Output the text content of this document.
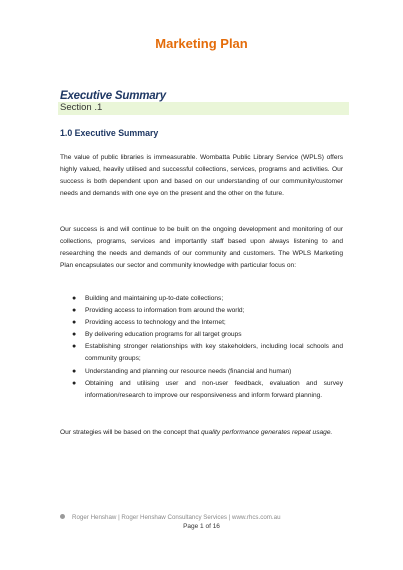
Marketing Plan
Executive Summary
Section .1
1.0 Executive Summary
The value of public libraries is immeasurable. Wombatta Public Library Service (WPLS) offers highly valued, heavily utilised and successful collections, services, programs and activities. Our success is both dependent upon and based on our understanding of our community/customer needs and demands with one eye on the present and the other on the future.
Our success is and will continue to be built on the ongoing development and monitoring of our collections, programs, services and importantly staff based upon always listening to and researching the needs and demands of our community and customers. The WPLS Marketing Plan encapsulates our sector and community knowledge with particular focus on:
● Building and maintaining up-to-date collections;
● Providing access to information from around the world;
● Providing access to technology and the Internet;
● By delivering education programs for all target groups
● Establishing stronger relationships with key stakeholders, including local schools and community groups;
● Understanding and planning our resource needs (financial and human)
● Obtaining and utilising user and non-user feedback, evaluation and survey information/research to improve our responsiveness and inform forward planning.
Our strategies will be based on the concept that quality performance generates repeat usage.
Roger Henshaw | Roger Henshaw Consultancy Services | www.rhcs.com.au
Page 1 of 16
